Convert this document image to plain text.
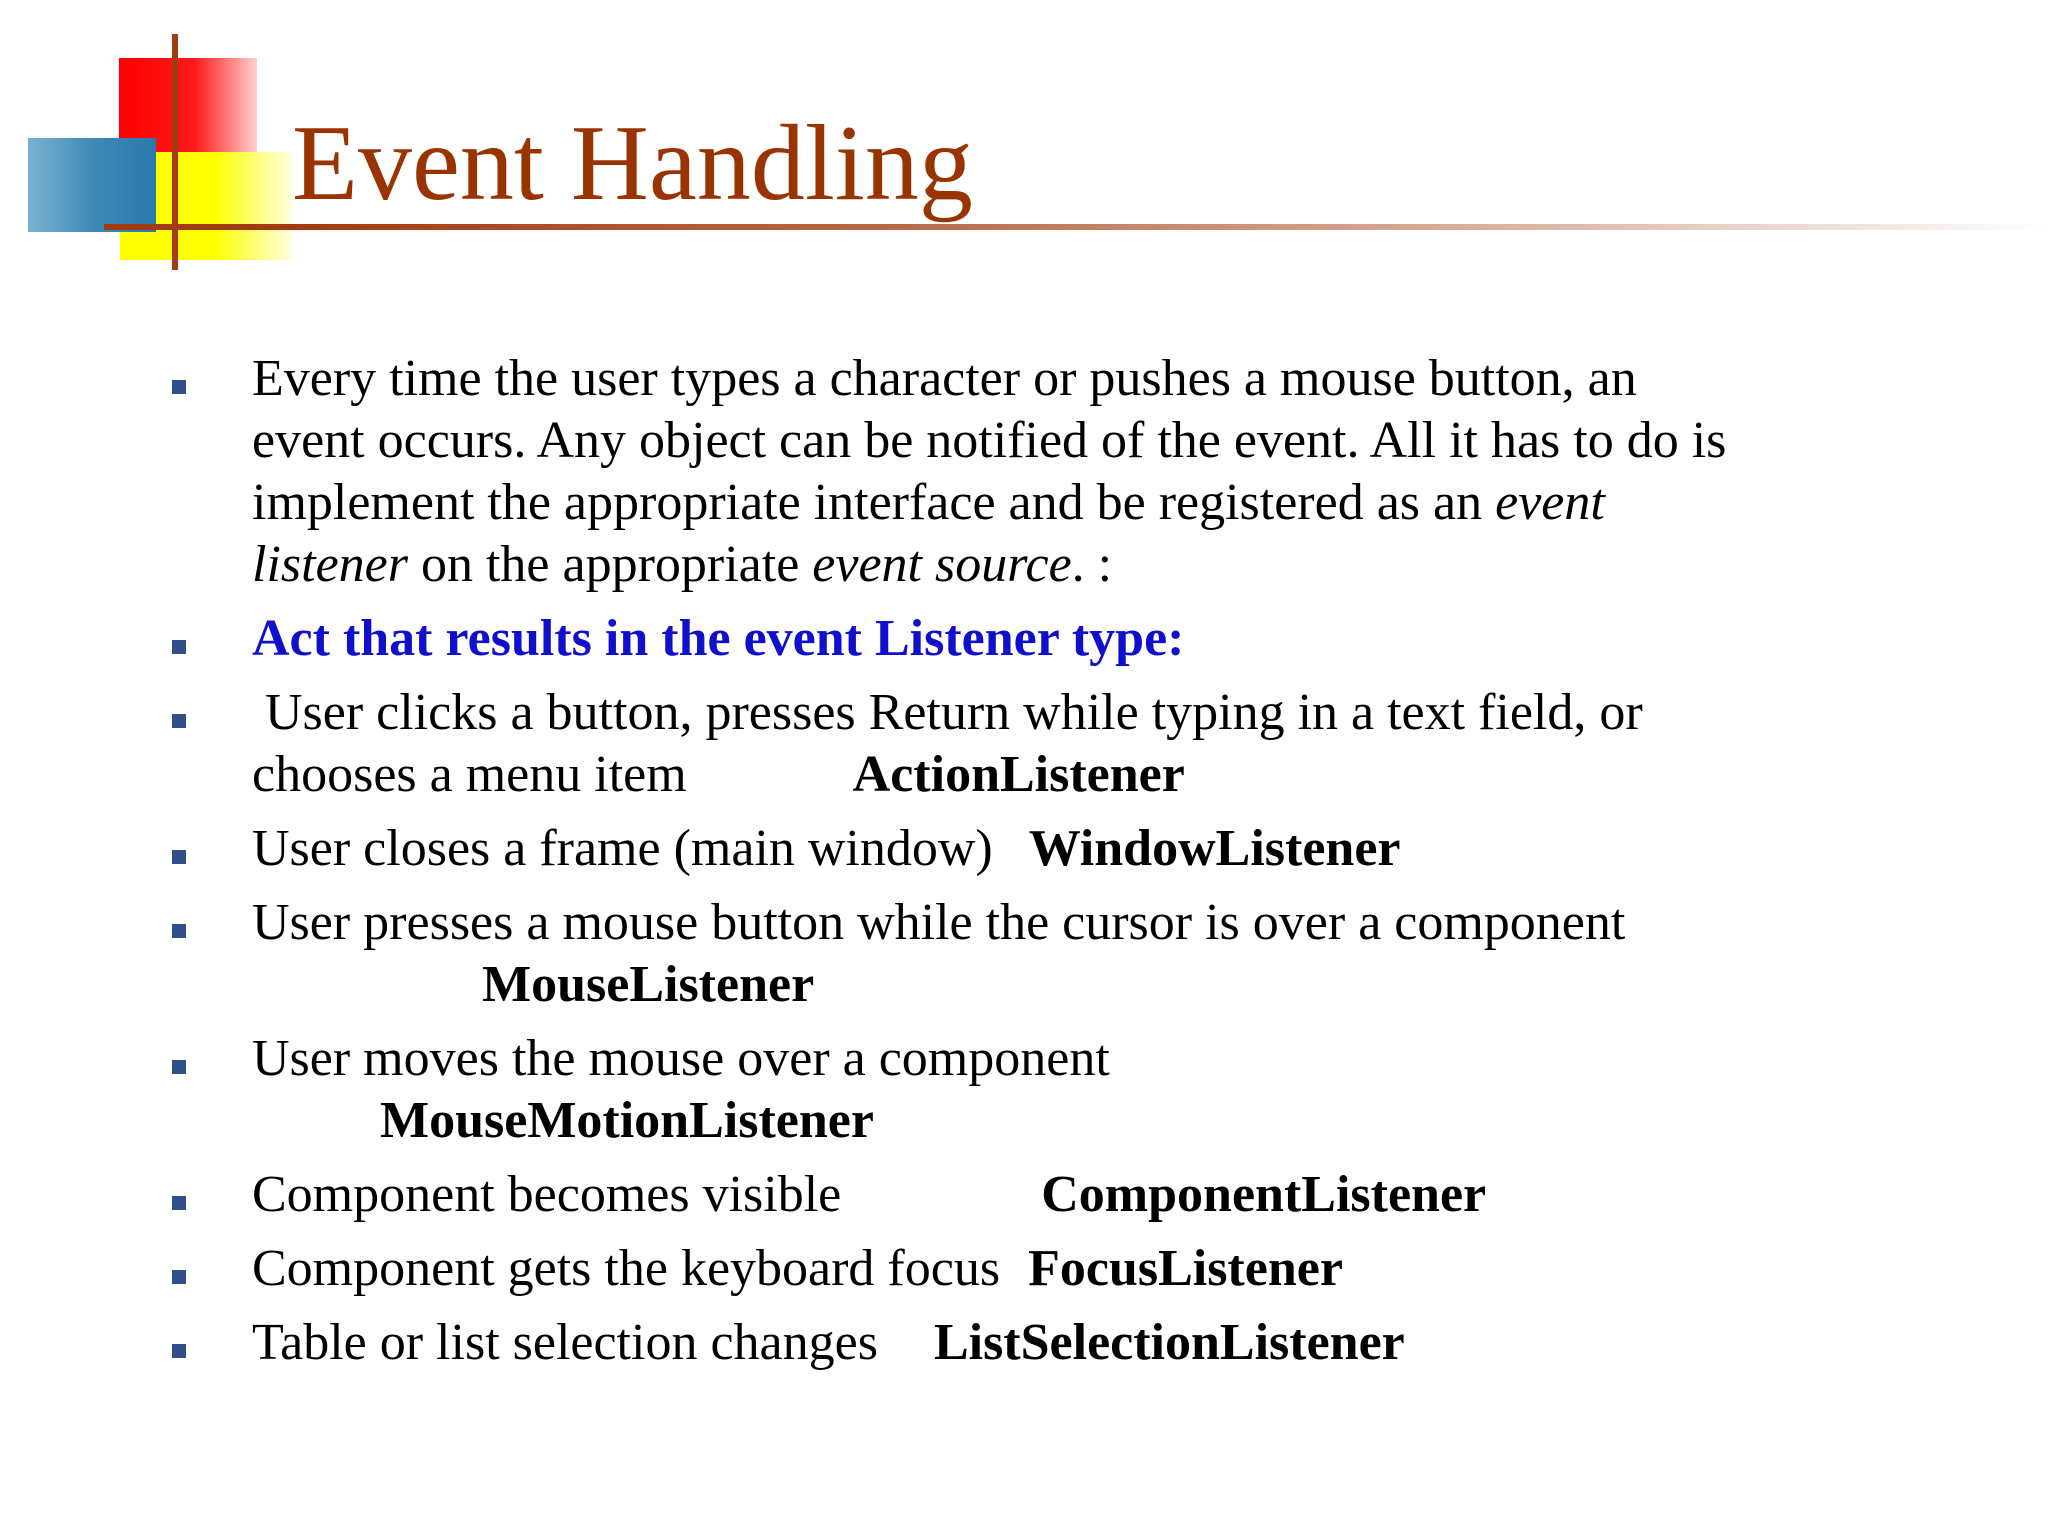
Event Handling
Every time the user types a character or pushes a mouse button, an
event occurs. Any object can be notified of the event. All it has to do is
implement the appropriate interface and be registered as an event
listener on the appropriate event source. :
Act that results in the event Listener type:
User clicks a button, presses Return while typing in a text field, or
chooses a menu item	ActionListener
User closes a frame (main window) WindowListener
User presses a mouse button while the cursor is over a component
MouseListener
User moves the mouse over a component
MouseMotionListener
Component becomes visible	ComponentListener
Component gets the keyboard focus FocusListener
Table or list selection changes ListSelectionListener
